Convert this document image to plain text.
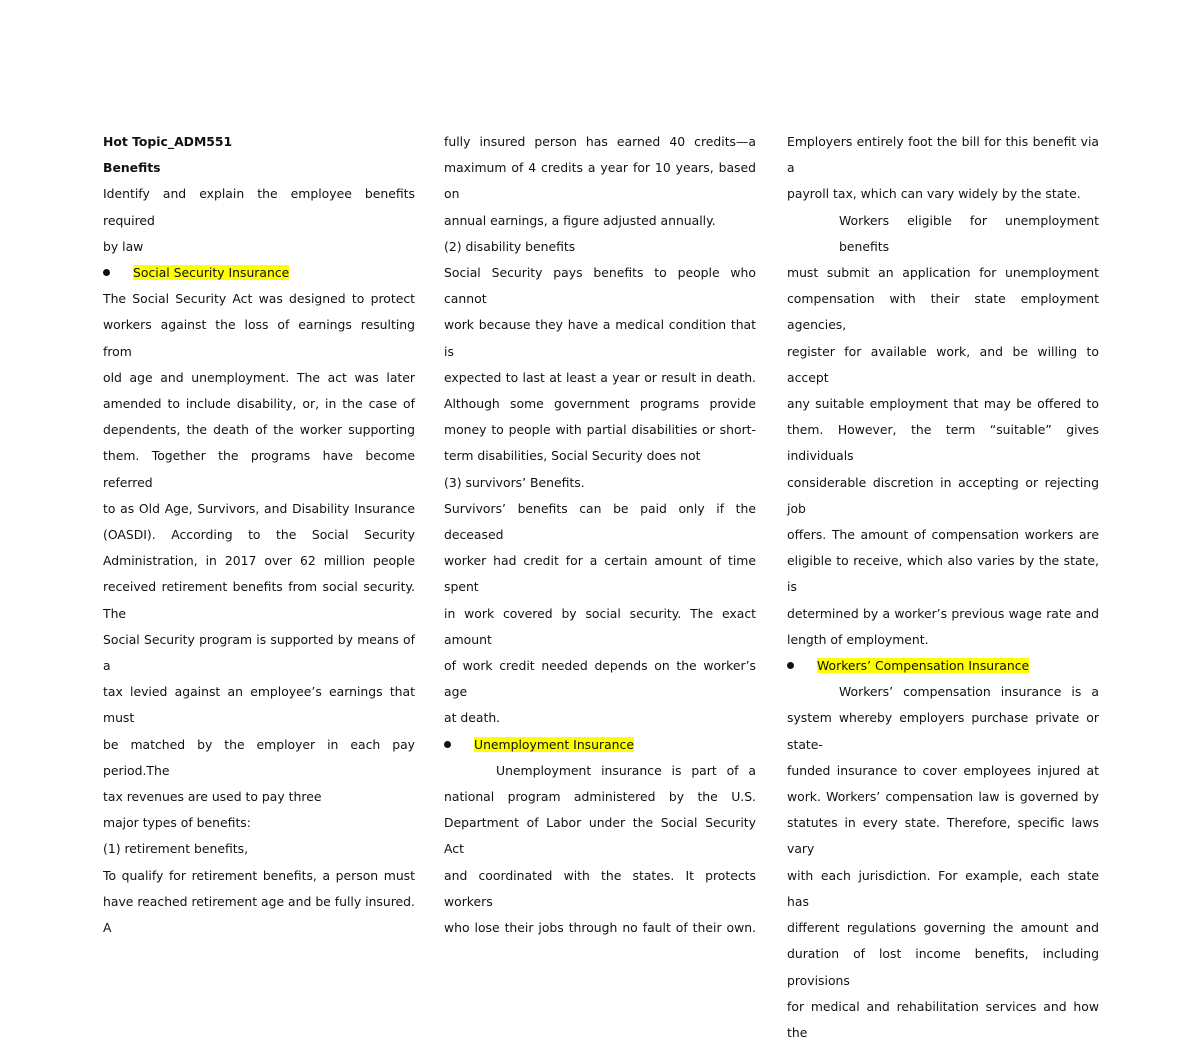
Hot Topic_ADM551
Benefits
Identify and explain the employee benefits required
by law
Social Security Insurance
The Social Security Act was designed to protect
workers against the loss of earnings resulting from
old age and unemployment. The act was later
amended to include disability, or, in the case of
dependents, the death of the worker supporting
them. Together the programs have become referred
to as Old Age, Survivors, and Disability Insurance
(OASDI). According to the Social Security
Administration, in 2017 over 62 million people
received retirement benefits from social security. The
Social Security program is supported by means of a
tax levied against an employee’s earnings that must
be matched by the employer in each pay period.The
tax revenues are used to pay three
major types of benefits:
(1) retirement benefits,
To qualify for retirement benefits, a person must
have reached retirement age and be fully insured. A
fully insured person has earned 40 credits—a
maximum of 4 credits a year for 10 years, based on
annual earnings, a figure adjusted annually.
(2) disability benefits
Social Security pays benefits to people who cannot
work because they have a medical condition that is
expected to last at least a year or result in death.
Although some government programs provide
money to people with partial disabilities or short-
term disabilities, Social Security does not
(3) survivors’ Benefits.
Survivors’ benefits can be paid only if the deceased
worker had credit for a certain amount of time spent
in work covered by social security. The exact amount
of work credit needed depends on the worker’s age
at death.
Unemployment Insurance
Unemployment insurance is part of a
national program administered by the U.S.
Department of Labor under the Social Security Act
and coordinated with the states. It protects workers
who lose their jobs through no fault of their own.
Employers entirely foot the bill for this benefit via a
payroll tax, which can vary widely by the state.
Workers eligible for unemployment benefits
must submit an application for unemployment
compensation with their state employment agencies,
register for available work, and be willing to accept
any suitable employment that may be offered to
them. However, the term “suitable” gives individuals
considerable discretion in accepting or rejecting job
offers. The amount of compensation workers are
eligible to receive, which also varies by the state, is
determined by a worker’s previous wage rate and
length of employment.
Workers’ Compensation Insurance
Workers’ compensation insurance is a
system whereby employers purchase private or state-
funded insurance to cover employees injured at
work. Workers’ compensation law is governed by
statutes in every state. Therefore, specific laws vary
with each jurisdiction. For example, each state has
different regulations governing the amount and
duration of lost income benefits, including provisions
for medical and rehabilitation services and how the
